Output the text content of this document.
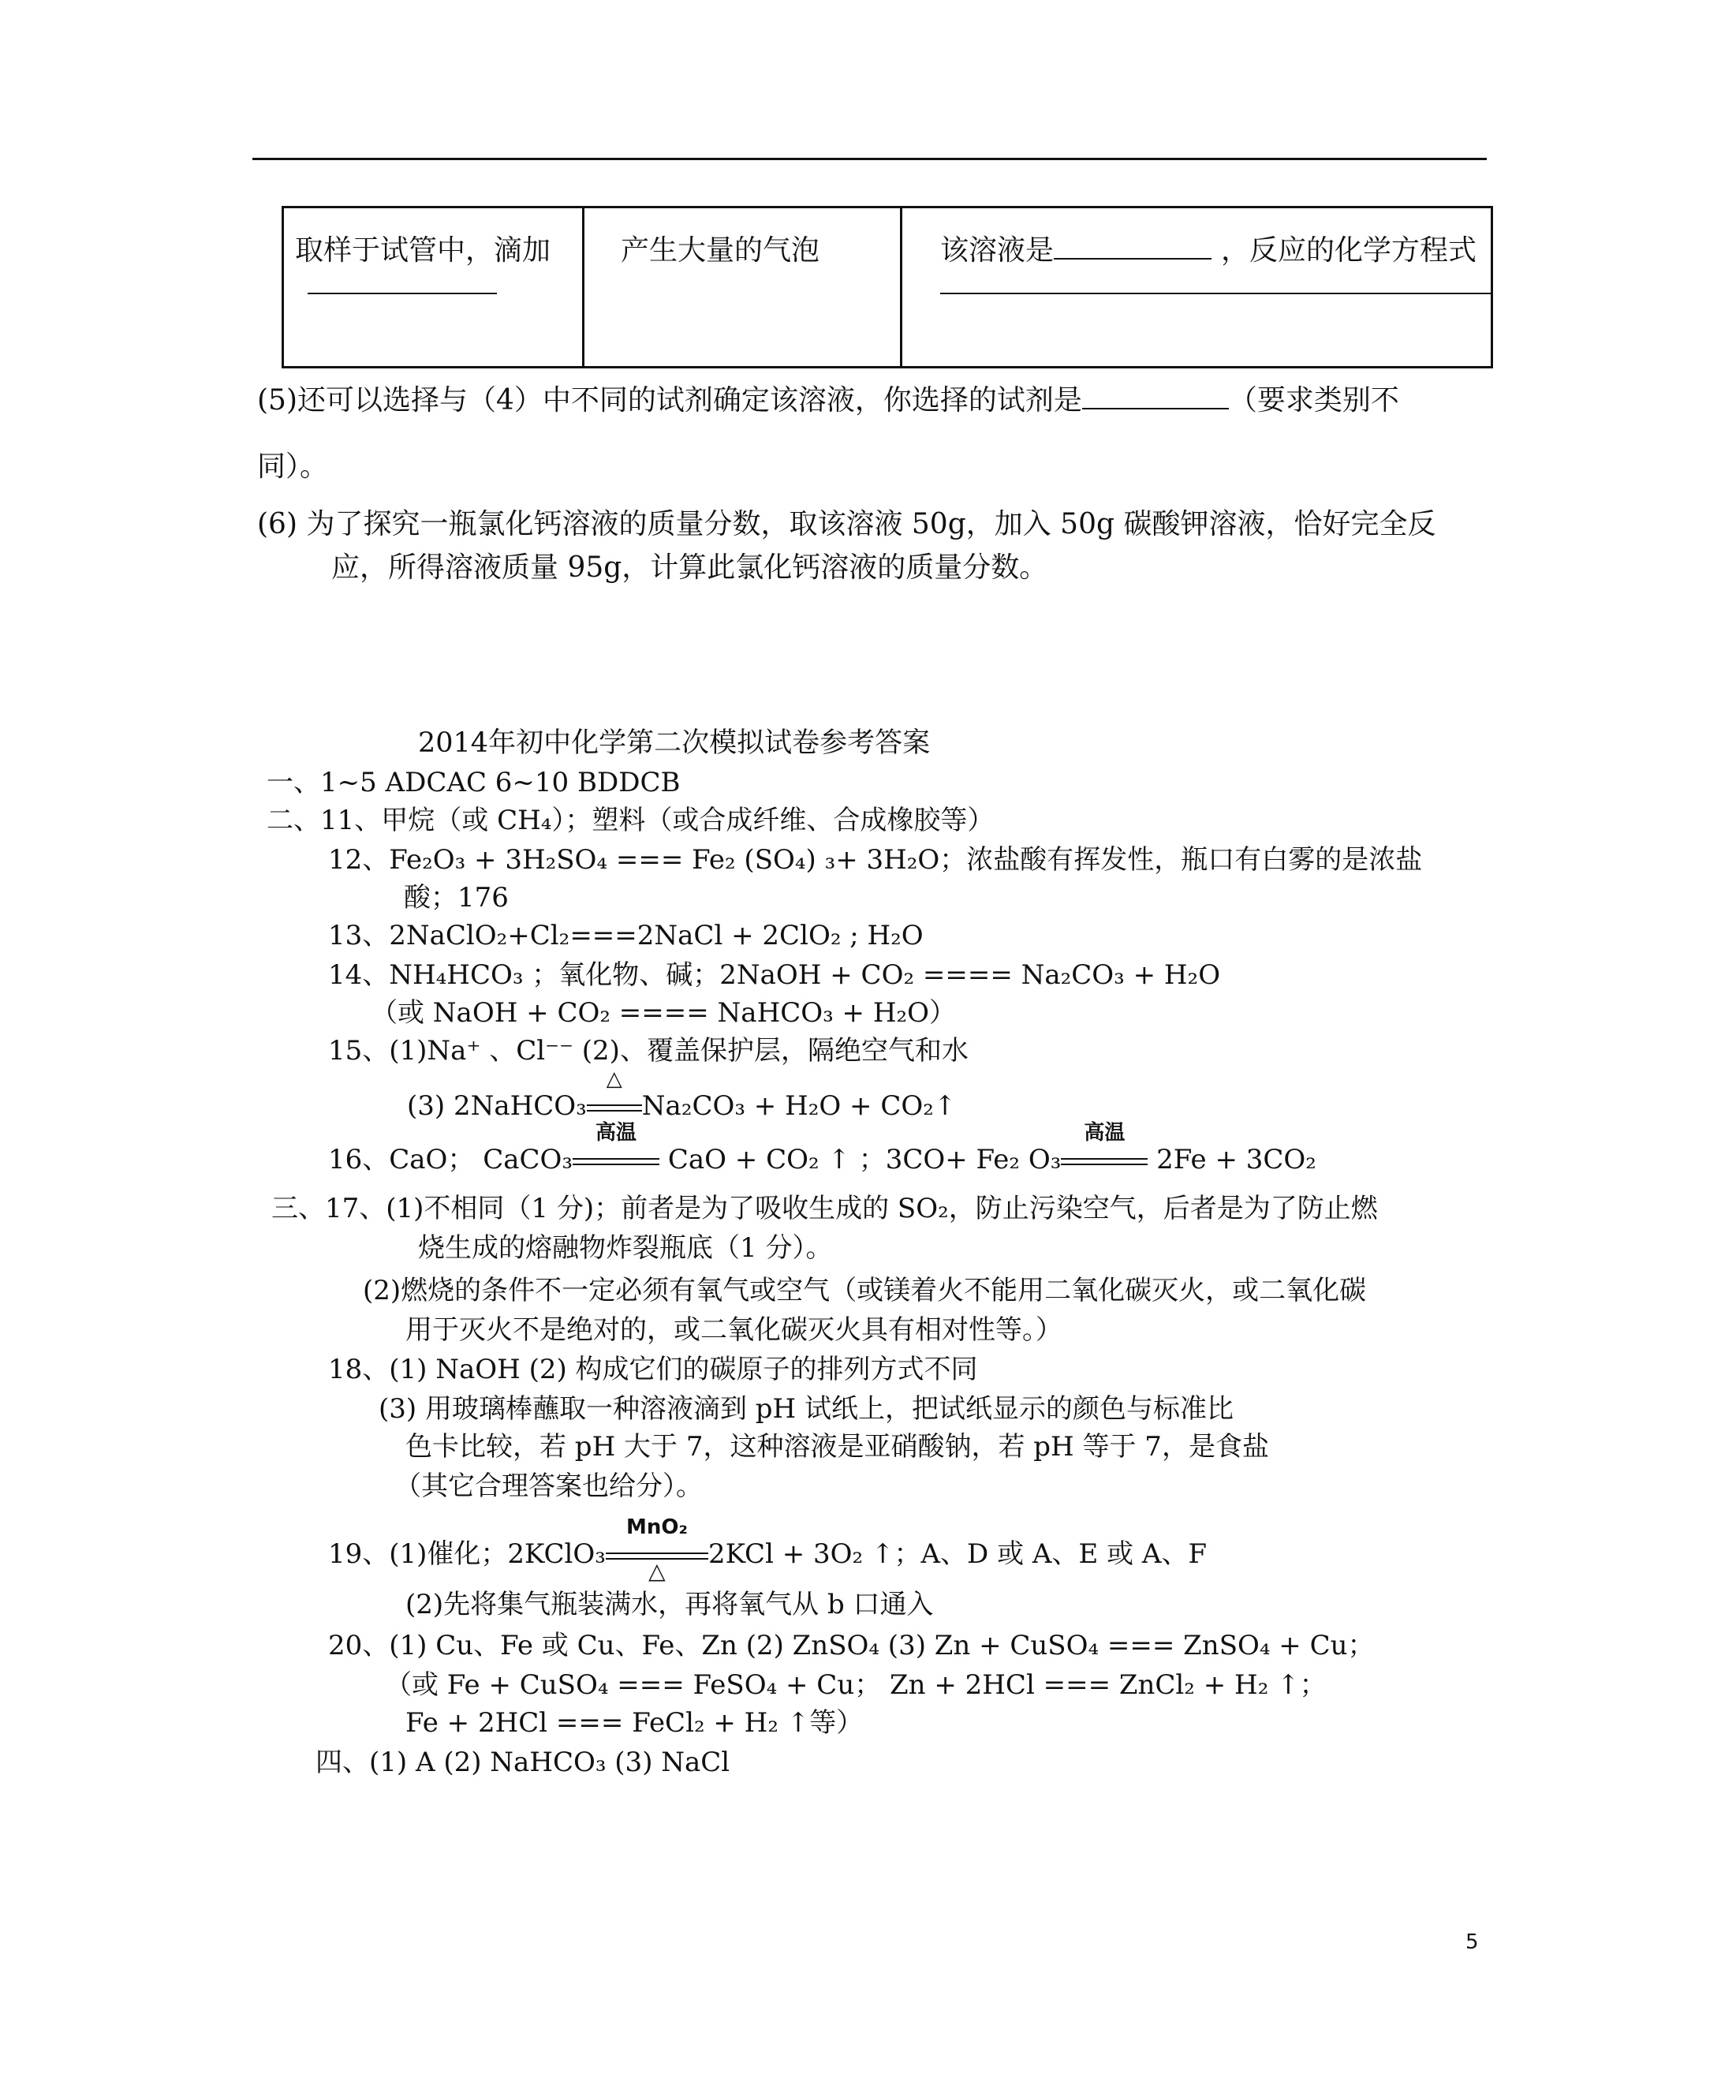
取样于试管中，滴加	产生大量的气泡	该溶液是	，反应的化学方程式

(5)还可以选择与（4）中不同的试剂确定该溶液，你选择的试剂是	（要求类别不
同）。
(6) 为了探究一瓶氯化钙溶液的质量分数，取该溶液 50g，加入 50g 碳酸钾溶液，恰好完全反
应，所得溶液质量 95g，计算此氯化钙溶液的质量分数。
2014年初中化学第二次模拟试卷参考答案
一、1~5 ADCAC 6~10 BDDCB
二、11、甲烷（或 CH₄）；塑料（或合成纤维、合成橡胶等）
12、Fe₂O₃ + 3H₂SO₄ === Fe₂ (SO₄) ₃+ 3H₂O；浓盐酸有挥发性，瓶口有白雾的是浓盐
酸；176
13、2NaClO₂+Cl₂===2NaCl + 2ClO₂ ; H₂O
14、NH₄HCO₃ ；氧化物、碱；2NaOH + CO₂ ==== Na₂CO₃ + H₂O
（或 NaOH + CO₂ ==== NaHCO₃ + H₂O）
15、(1)Na⁺ 、Cl⁻⁻ (2)、覆盖保护层，隔绝空气和水
(3) 2NaHCO₃
△
Na₂CO₃ + H₂O + CO₂↑
16、CaO； CaCO₃
高温
CaO + CO₂ ↑ ；3CO+ Fe₂ O₃
高温
2Fe + 3CO₂
三、17、(1)不相同（1 分)；前者是为了吸收生成的 SO₂，防止污染空气，后者是为了防止燃
烧生成的熔融物炸裂瓶底（1 分）。
(2)燃烧的条件不一定必须有氧气或空气（或镁着火不能用二氧化碳灭火，或二氧化碳
用于灭火不是绝对的，或二氧化碳灭火具有相对性等。）
18、(1) NaOH (2) 构成它们的碳原子的排列方式不同
(3) 用玻璃棒蘸取一种溶液滴到 pH 试纸上，把试纸显示的颜色与标准比
色卡比较，若 pH 大于 7，这种溶液是亚硝酸钠，若 pH 等于 7，是食盐
（其它合理答案也给分）。
19、(1)催化；2KClO₃
MnO₂
△
2KCl + 3O₂ ↑；A、D 或 A、E 或 A、F
(2)先将集气瓶装满水，再将氧气从 b 口通入
20、(1) Cu、Fe 或 Cu、Fe、Zn (2) ZnSO₄ (3) Zn + CuSO₄ === ZnSO₄ + Cu；
（或 Fe + CuSO₄ === FeSO₄ + Cu； Zn + 2HCl === ZnCl₂ + H₂ ↑；
Fe + 2HCl === FeCl₂ + H₂ ↑等）
四、(1) A (2) NaHCO₃ (3) NaCl
5
